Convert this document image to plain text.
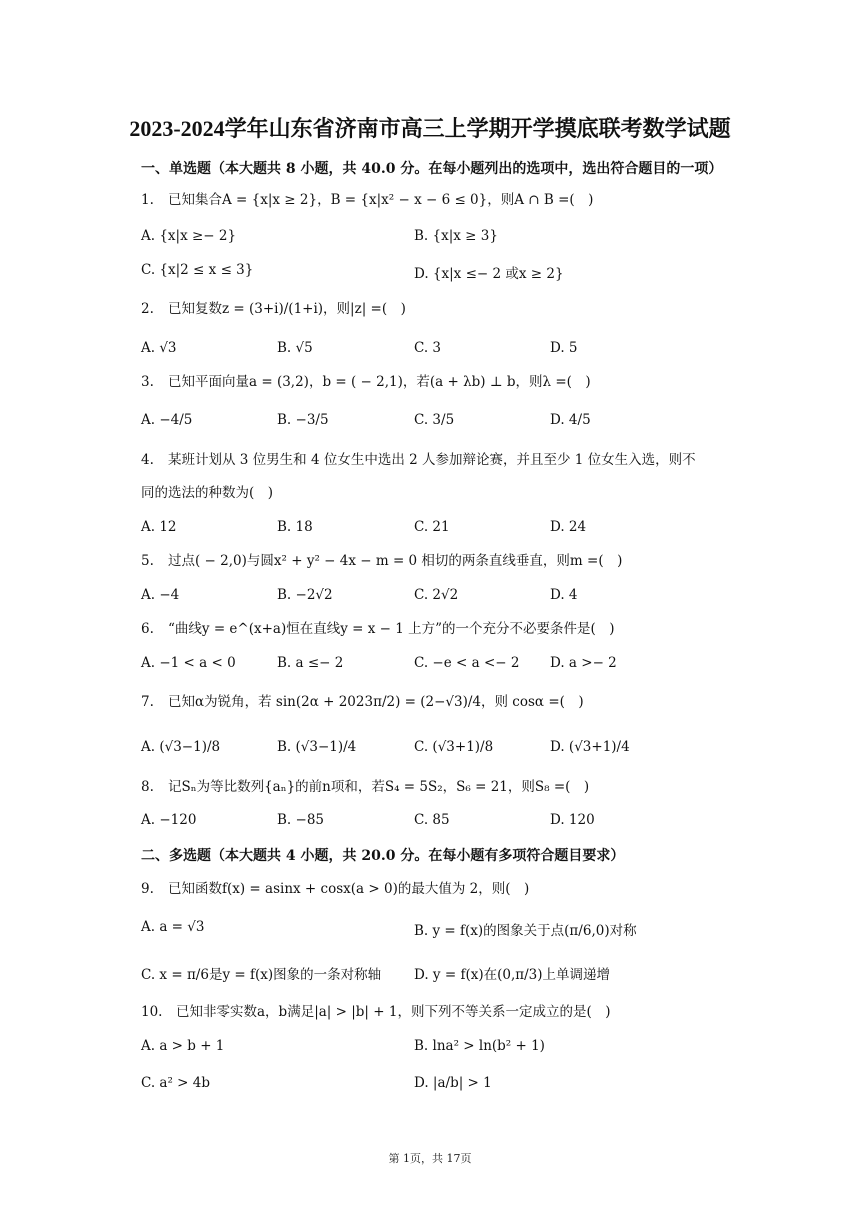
2023-2024学年山东省济南市高三上学期开学摸底联考数学试题
一、单选题（本大题共 8 小题，共 40.0 分。在每小题列出的选项中，选出符合题目的一项）
1. 已知集合A = {x|x ≥ 2}，B = {x|x² − x − 6 ≤ 0}，则A ∩ B =(　)
A. {x|x ≥− 2}	B. {x|x ≥ 3}
C. {x|2 ≤ x ≤ 3}	D. {x|x ≤− 2 或x ≥ 2}
2. 已知复数z = (3+i)/(1+i)，则|z| =(　)
A. √3	B. √5	C. 3	D. 5
3. 已知平面向量a = (3,2)，b = ( − 2,1)，若(a + λb) ⊥ b，则λ =(　)
A. −4/5	B. −3/5	C. 3/5	D. 4/5
4. 某班计划从 3 位男生和 4 位女生中选出 2 人参加辩论赛，并且至少 1 位女生入选，则不
同的选法的种数为(　)
A. 12	B. 18	C. 21	D. 24
5. 过点( − 2,0)与圆x² + y² − 4x − m = 0 相切的两条直线垂直，则m =(　)
A. −4	B. −2√2	C. 2√2	D. 4
6. “曲线y = e^(x+a)恒在直线y = x − 1 上方”的一个充分不必要条件是(　)
A. −1 < a < 0	B. a ≤− 2	C. −e < a <− 2 D. a >− 2
7. 已知α为锐角，若 sin(2α + 2023π/2) = (2−√3)/4，则 cosα =(　)
A. (√3−1)/8	B. (√3−1)/4	C. (√3+1)/8	D. (√3+1)/4
8. 记Sₙ为等比数列{aₙ}的前n项和，若S₄ = 5S₂，S₆ = 21，则S₈ =(　)
A. −120	B. −85	C. 85	D. 120
二、多选题（本大题共 4 小题，共 20.0 分。在每小题有多项符合题目要求）
9. 已知函数f(x) = asinx + cosx(a > 0)的最大值为 2，则(　)
A. a = √3	B. y = f(x)的图象关于点(π/6,0)对称
C. x = π/6是y = f(x)图象的一条对称轴 D. y = f(x)在(0,π/3)上单调递增
10. 已知非零实数a，b满足|a| > |b| + 1，则下列不等关系一定成立的是(　)
A. a > b + 1	B. lna² > ln(b² + 1)
C. a² > 4b	D. |a/b| > 1
第 1页，共 17页
